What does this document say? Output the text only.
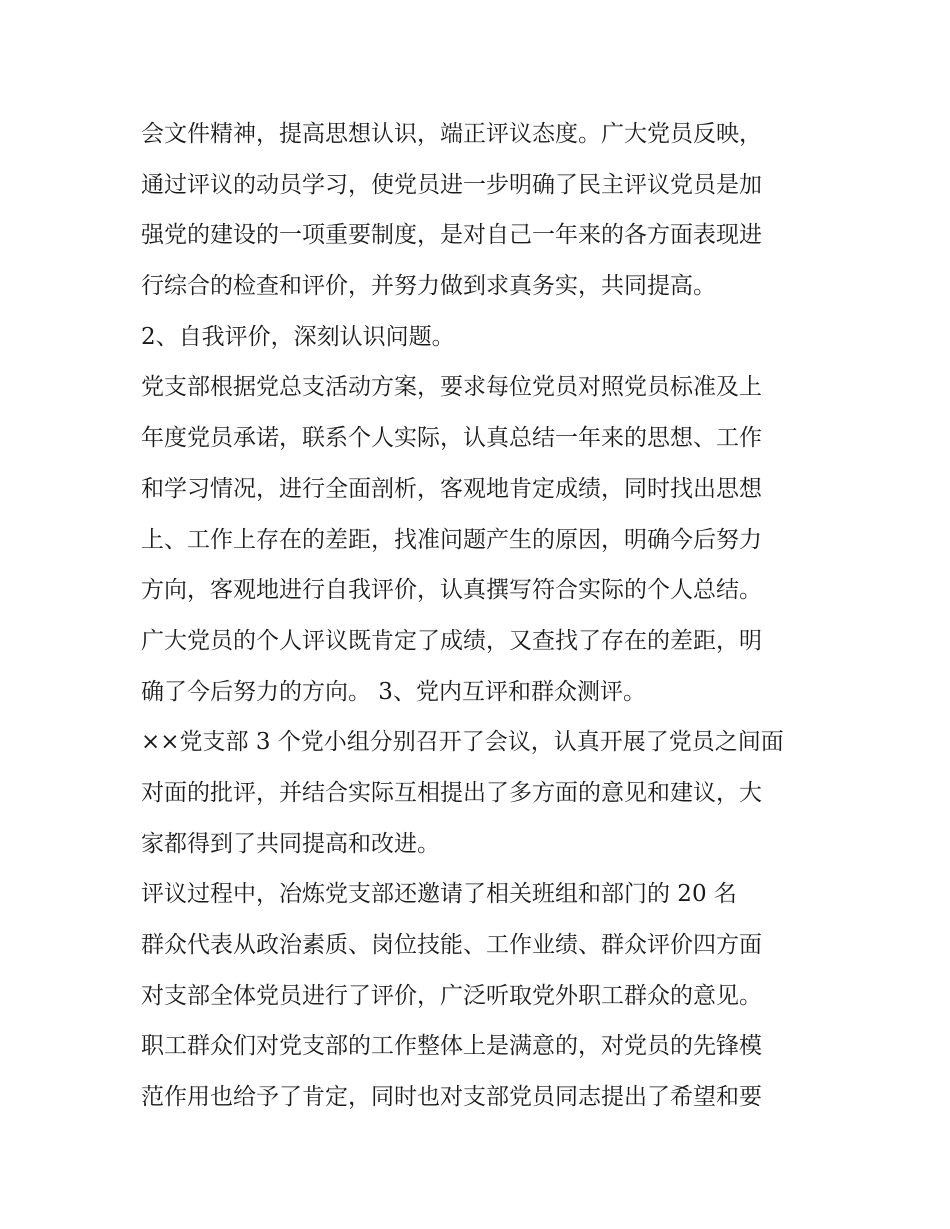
会文件精神，提高思想认识，端正评议态度。广大党员反映，
通过评议的动员学习，使党员进一步明确了民主评议党员是加
强党的建设的一项重要制度，是对自己一年来的各方面表现进
行综合的检查和评价，并努力做到求真务实，共同提高。
2、自我评价，深刻认识问题。
党支部根据党总支活动方案，要求每位党员对照党员标准及上
年度党员承诺，联系个人实际，认真总结一年来的思想、工作
和学习情况，进行全面剖析，客观地肯定成绩，同时找出思想
上、工作上存在的差距，找准问题产生的原因，明确今后努力
方向，客观地进行自我评价，认真撰写符合实际的个人总结。
广大党员的个人评议既肯定了成绩，又查找了存在的差距，明
确了今后努力的方向。 3、党内互评和群众测评。
××党支部 3 个党小组分别召开了会议，认真开展了党员之间面
对面的批评，并结合实际互相提出了多方面的意见和建议，大
家都得到了共同提高和改进。
评议过程中，冶炼党支部还邀请了相关班组和部门的 20 名
群众代表从政治素质、岗位技能、工作业绩、群众评价四方面
对支部全体党员进行了评价，广泛听取党外职工群众的意见。
职工群众们对党支部的工作整体上是满意的，对党员的先锋模
范作用也给予了肯定，同时也对支部党员同志提出了希望和要
